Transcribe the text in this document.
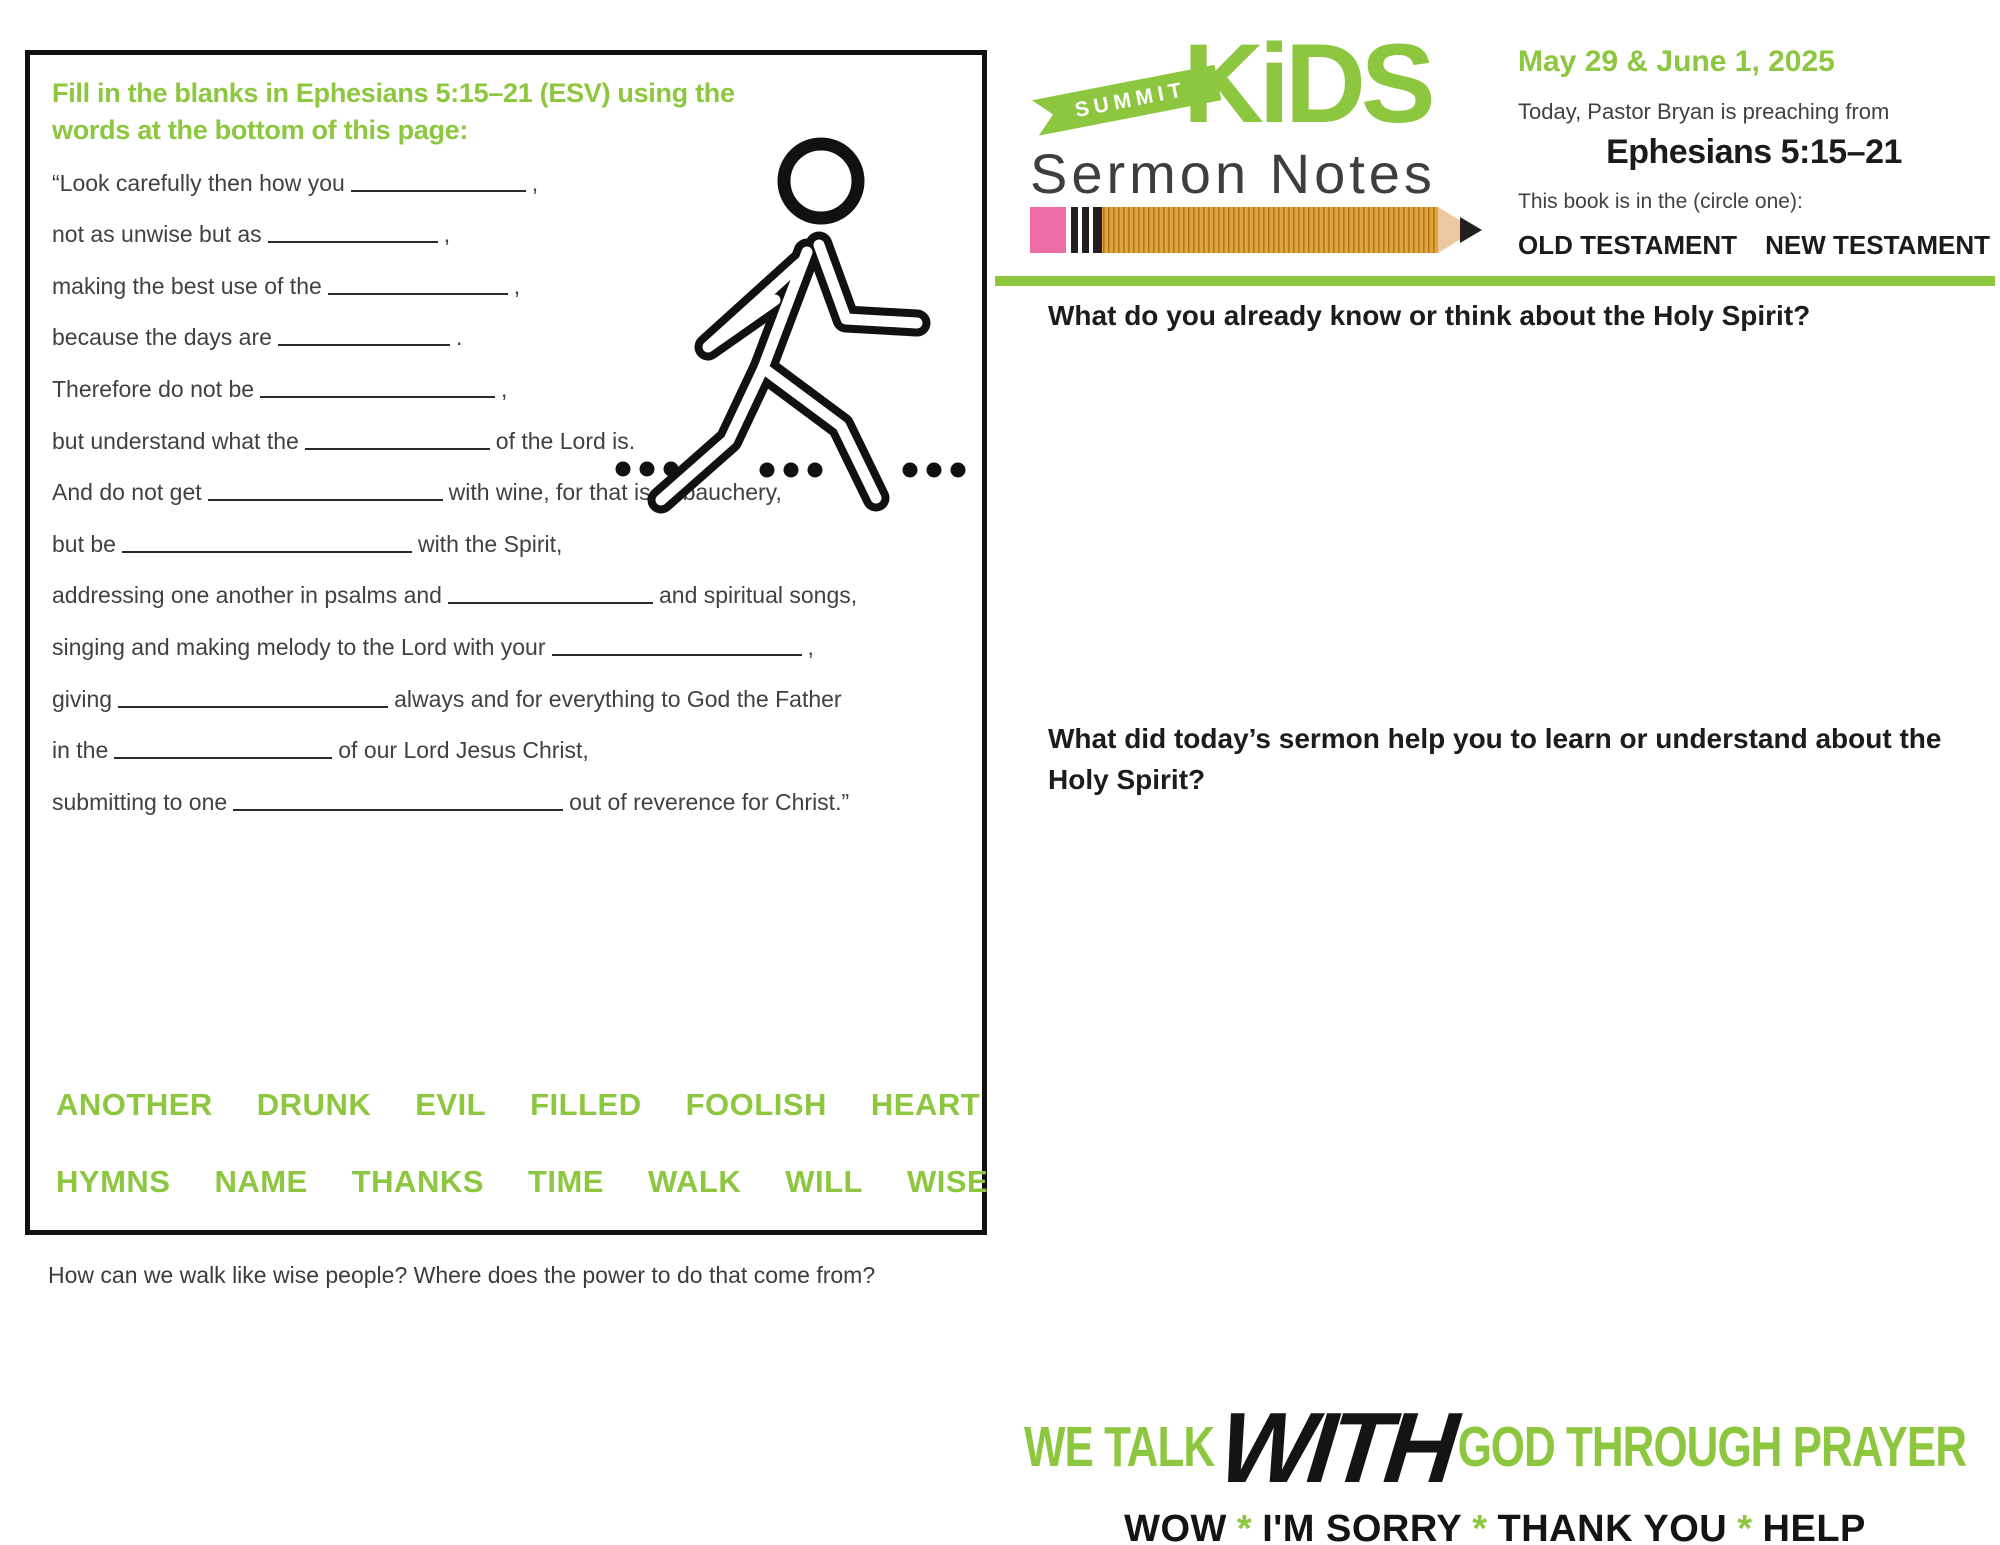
Fill in the blanks in Ephesians 5:15–21 (ESV) using the words at the bottom of this page:
“Look carefully then how you	,
not as unwise but as	,
making the best use of the	,
because the days are	.
Therefore do not be	,
but understand what the	of the Lord is.
And do not get	with wine, for that is debauchery,
but be	with the Spirit,
addressing one another in psalms and	and spiritual songs,
singing and making melody to the Lord with your	,
giving	always and for everything to God the Father
in the	of our Lord Jesus Christ,
submitting to one	out of reverence for Christ.”
ANOTHER DRUNK EVIL FILLED FOOLISH HEART
HYMNS NAME THANKS TIME WALK WILL WISE
How can we walk like wise people? Where does the power to do that come from?
SUMMIT
KiDS
Sermon Notes
May 29 & June 1, 2025
Today, Pastor Bryan is preaching from
Ephesians 5:15–21
This book is in the (circle one):
OLD TESTAMENT NEW TESTAMENT
What do you already know or think about the Holy Spirit?
What did today’s sermon help you to learn or understand about the Holy Spirit?
WE TALK WITH GOD THROUGH PRAYER
WOW * I'M SORRY * THANK YOU * HELP
